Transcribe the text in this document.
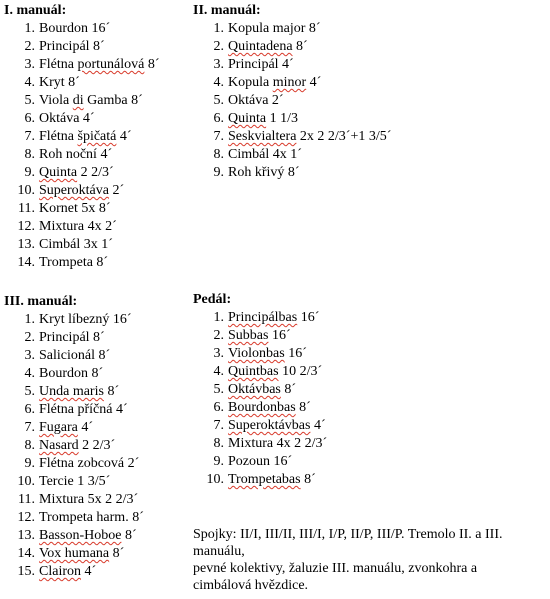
I. manuál:
1. Bourdon 16´
2. Principál 8´
3. Flétna portunálová 8´
4. Kryt 8´
5. Viola di Gamba 8´
6. Oktáva 4´
7. Flétna špičatá 4´
8. Roh noční 4´
9. Quinta 2 2/3´
10. Superoktáva 2´
11. Kornet 5x 8´
12. Mixtura 4x 2´
13. Cimbál 3x 1´
14. Trompeta 8´
II. manuál:
1. Kopula major 8´
2. Quintadena 8´
3. Principál 4´
4. Kopula minor 4´
5. Oktáva 2´
6. Quinta 1 1/3
7. Seskvialtera 2x 2 2/3´+1 3/5´
8. Cimbál 4x 1´
9. Roh křivý 8´
III. manuál:
1. Kryt líbezný 16´
2. Principál 8´
3. Salicionál 8´
4. Bourdon 8´
5. Unda maris 8´
6. Flétna příčná 4´
7. Fugara 4´
8. Nasard 2 2/3´
9. Flétna zobcová 2´
10. Tercie 1 3/5´
11. Mixtura 5x 2 2/3´
12. Trompeta harm. 8´
13. Basson-Hoboe 8´
14. Vox humana 8´
15. Clairon 4´
Pedál:
1. Principálbas 16´
2. Subbas 16´
3. Violonbas 16´
4. Quintbas 10 2/3´
5. Oktávbas 8´
6. Bourdonbas 8´
7. Superoktávbas 4´
8. Mixtura 4x 2 2/3´
9. Pozoun 16´
10. Trompetabas 8´
Spojky: II/I, III/II, III/I, I/P, II/P, III/P. Tremolo II. a III.
manuálu,
pevné kolektivy, žaluzie III. manuálu, zvonkohra a
cimbálová hvězdice.
